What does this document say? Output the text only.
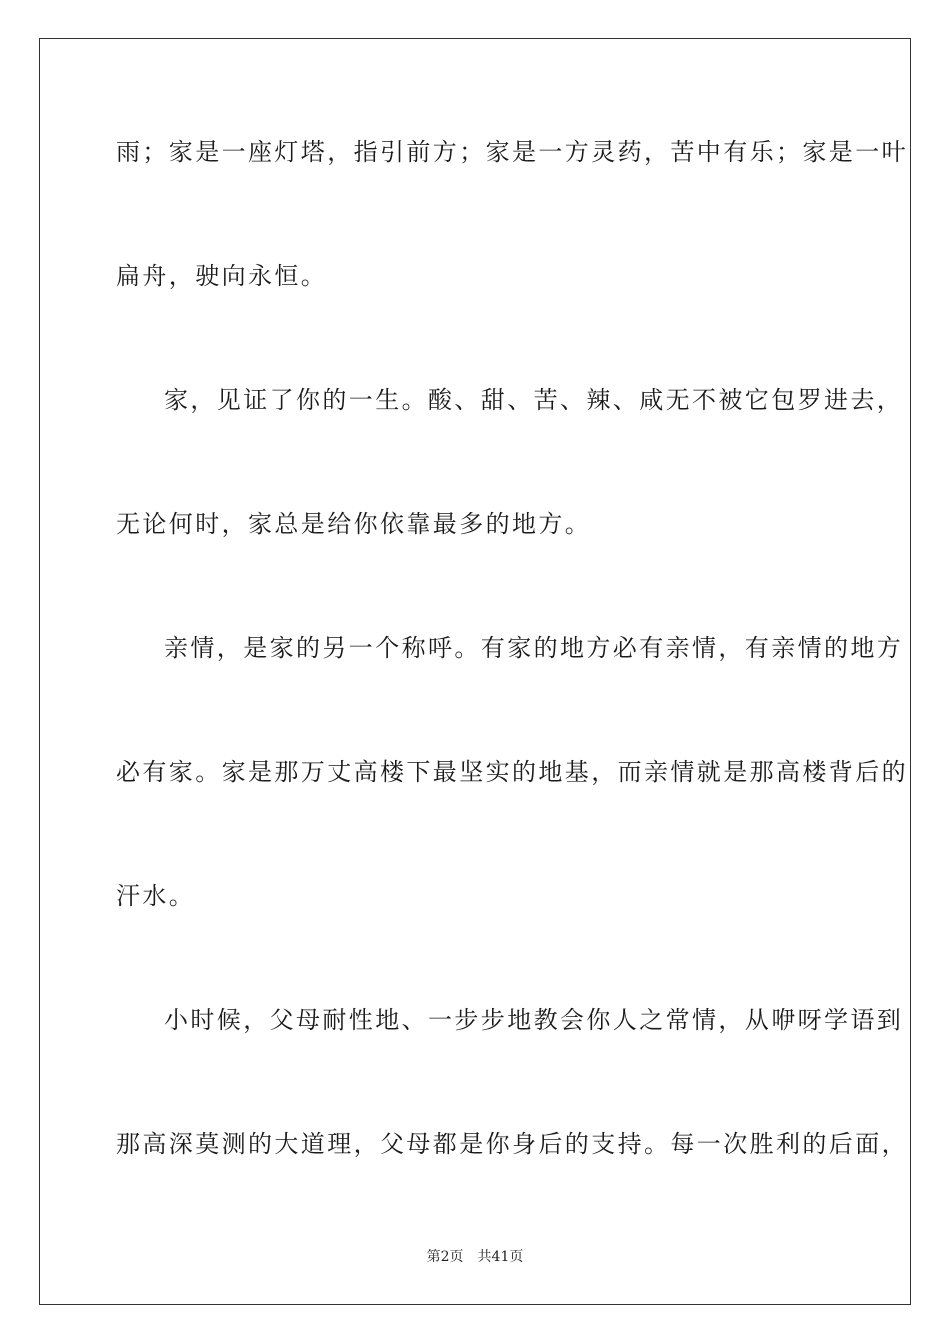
雨；家是一座灯塔，指引前方；家是一方灵药，苦中有乐；家是一叶
扁舟，驶向永恒。
家，见证了你的一生。酸、甜、苦、辣、咸无不被它包罗进去，
无论何时，家总是给你依靠最多的地方。
亲情，是家的另一个称呼。有家的地方必有亲情，有亲情的地方
必有家。家是那万丈高楼下最坚实的地基，而亲情就是那高楼背后的
汗水。
小时候，父母耐性地、一步步地教会你人之常情，从咿呀学语到
那高深莫测的大道理，父母都是你身后的支持。每一次胜利的后面，
第2页 共41页
